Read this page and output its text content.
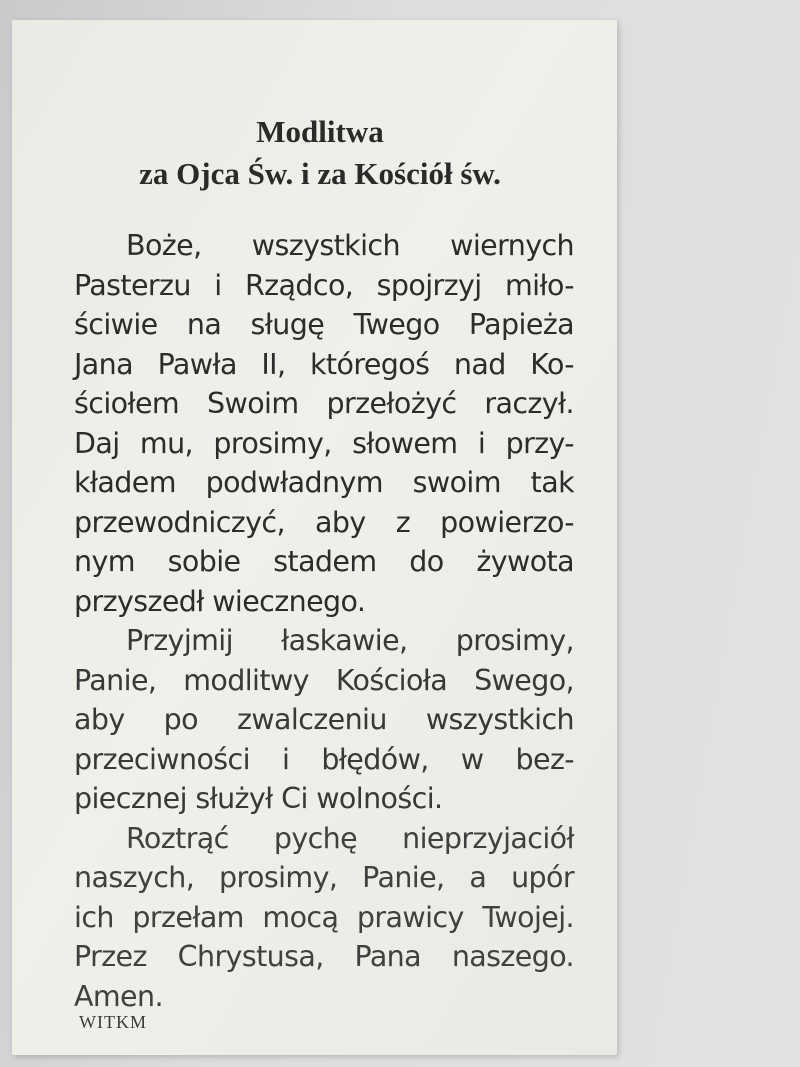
Modlitwa
za Ojca Św. i za Kościół św.
Boże, wszystkich wiernych
Pasterzu i Rządco, spojrzyj miło-
ściwie na sługę Twego Papieża
Jana Pawła II, któregoś nad Ko-
ściołem Swoim przełożyć raczył.
Daj mu, prosimy, słowem i przy-
kładem podwładnym swoim tak
przewodniczyć, aby z powierzo-
nym sobie stadem do żywota
przyszedł wiecznego.
Przyjmij łaskawie, prosimy,
Panie, modlitwy Kościoła Swego,
aby po zwalczeniu wszystkich
przeciwności i błędów, w bez-
piecznej służył Ci wolności.
Roztrąć pychę nieprzyjaciół
naszych, prosimy, Panie, a upór
ich przełam mocą prawicy Twojej.
Przez Chrystusa, Pana naszego.
Amen.

WITKM
